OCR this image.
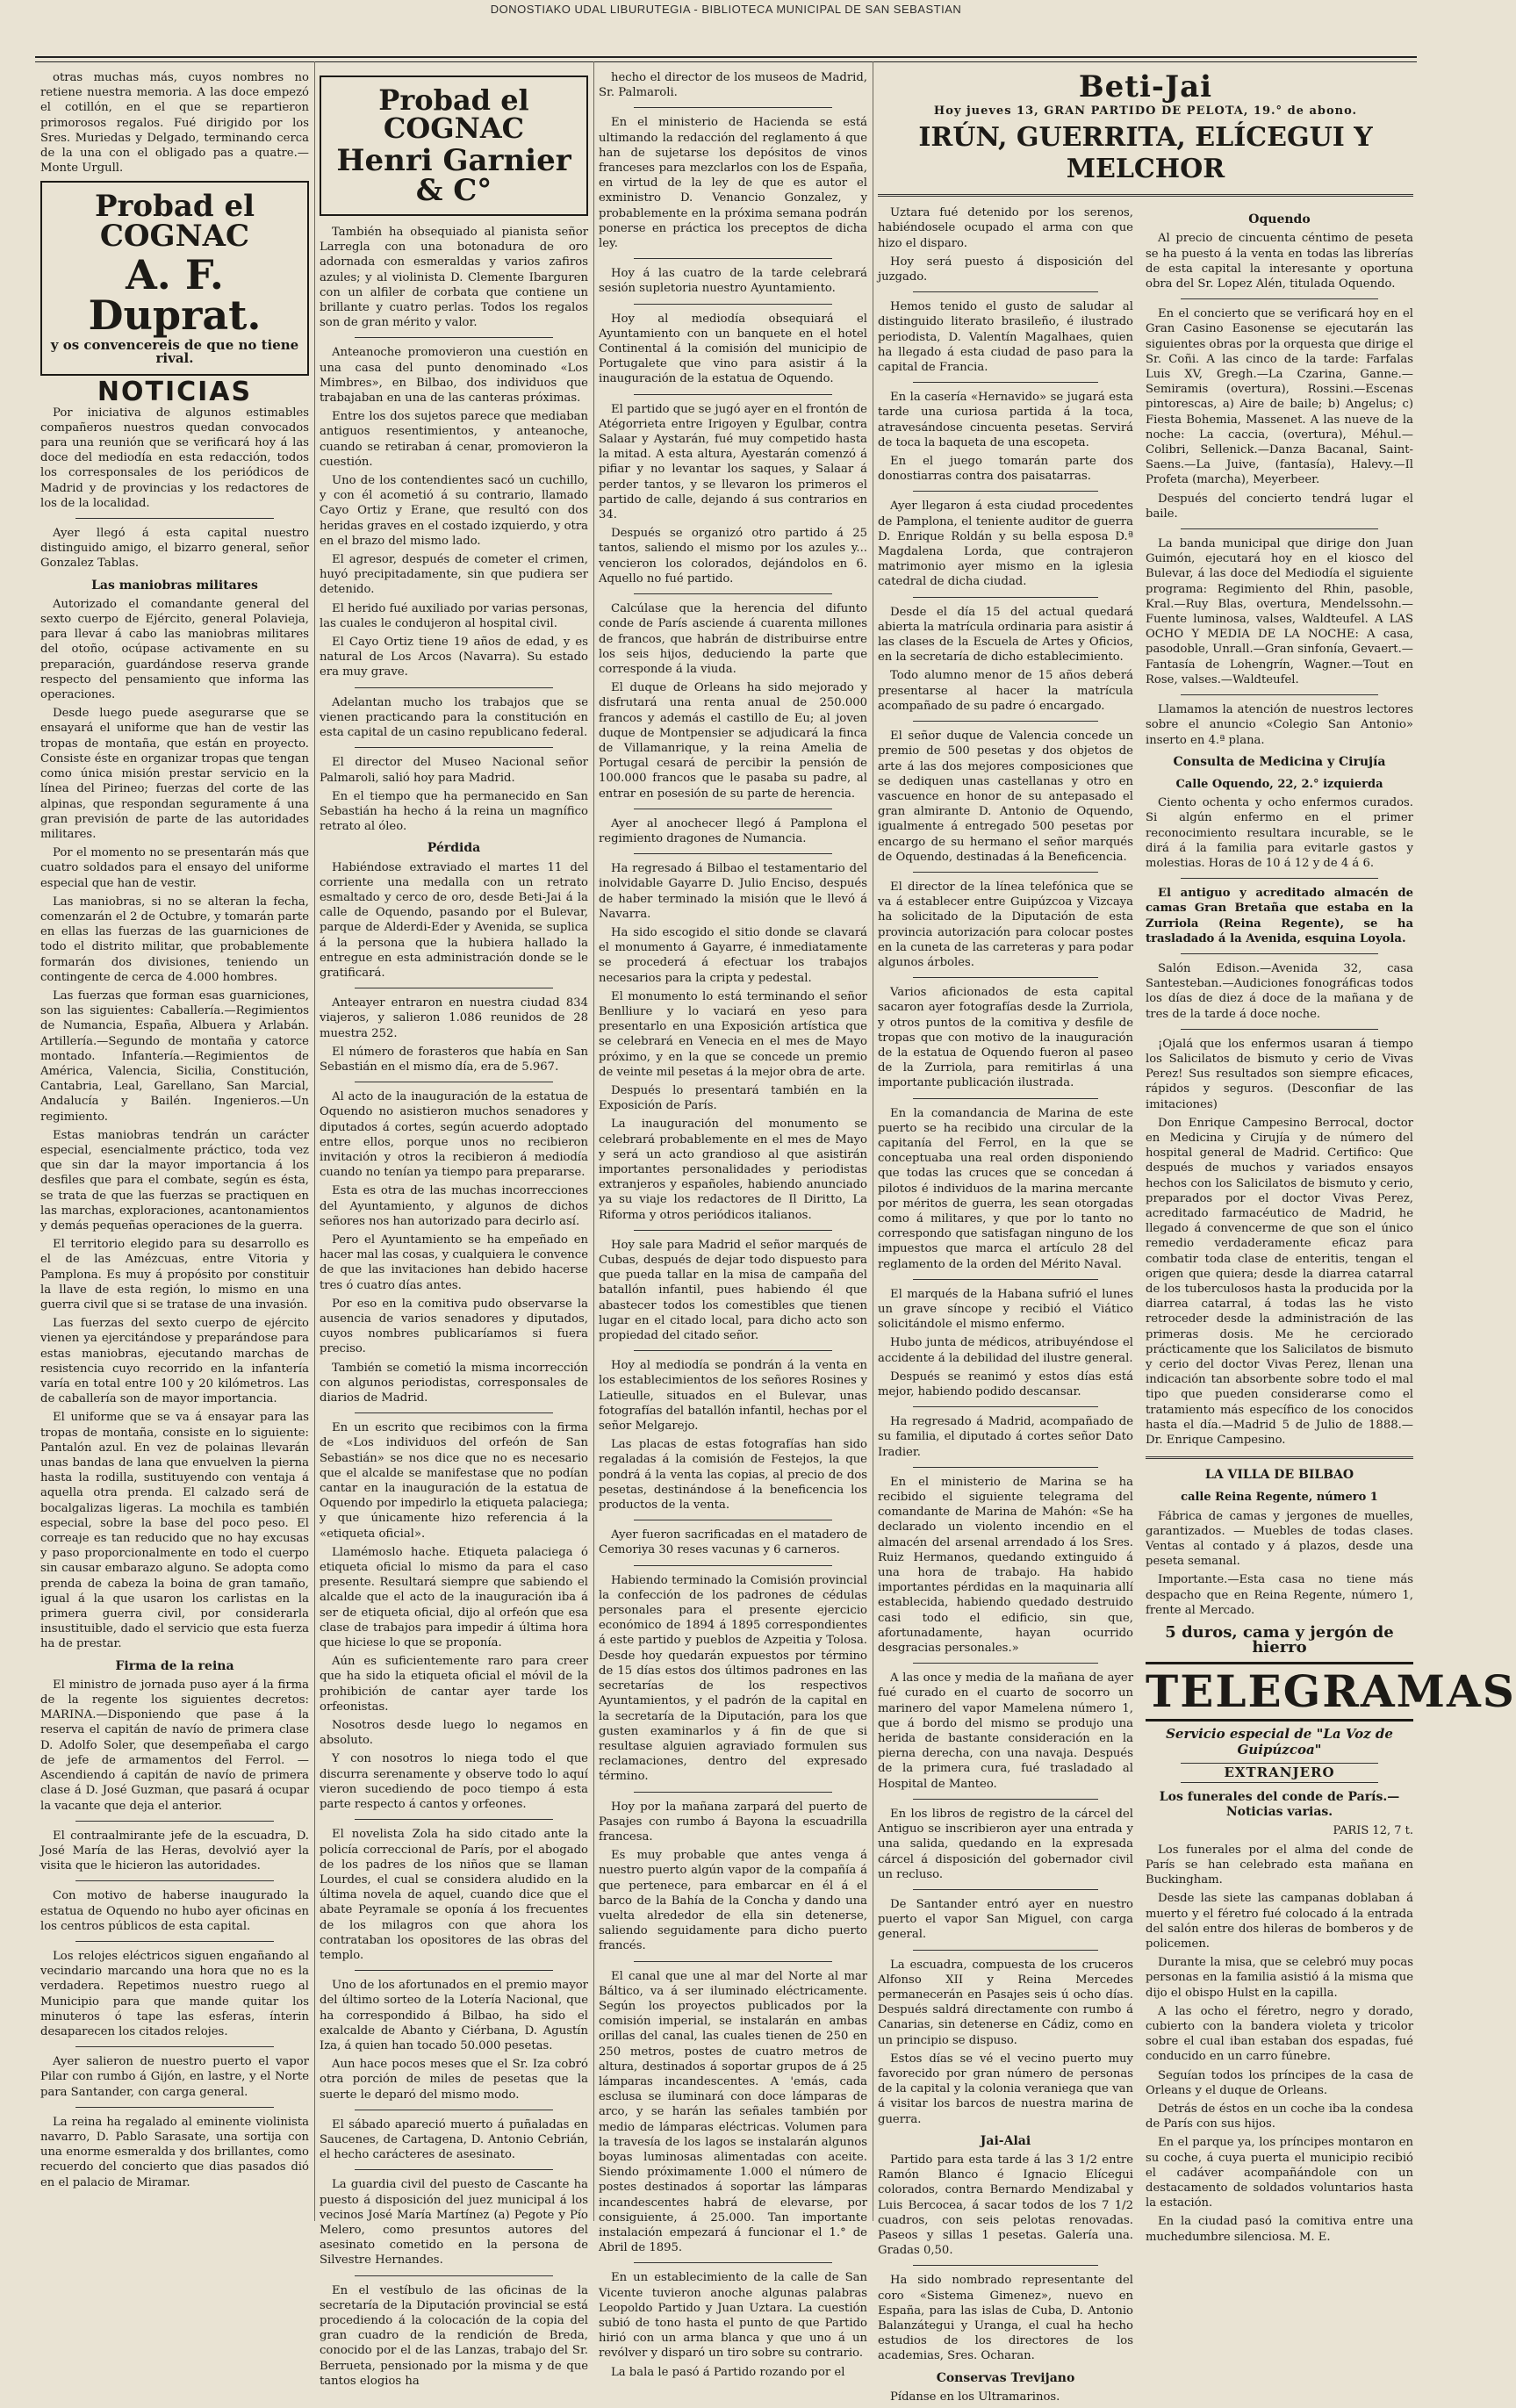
DONOSTIAKO UDAL LIBURUTEGIA - BIBLIOTECA MUNICIPAL DE SAN SEBASTIAN

otras muchas más, cuyos nombres no retiene nuestra memoria. A las doce empezó el cotillón, en el que se repartieron primorosos regalos. Fué dirigido por los Sres. Muriedas y Delgado, terminando cerca de la una con el obligado pas a quatre.—Monte Urgull.

Probad el COGNAC
A. F. Duprat.
y os convencereis de que no tiene rival.
NOTICIAS

Por iniciativa de algunos estimables compañeros nuestros quedan convocados para una reunión que se verificará hoy á las doce del mediodía en esta redacción, todos los corresponsales de los periódicos de Madrid y de provincias y los redactores de los de la localidad.

Ayer llegó á esta capital nuestro distinguido amigo, el bizarro general, señor Gonzalez Tablas.

Las maniobras militares

Autorizado el comandante general del sexto cuerpo de Ejército, general Polavieja, para llevar á cabo las maniobras militares del otoño, ocúpase activamente en su preparación, guardándose reserva grande respecto del pensamiento que informa las operaciones.

Desde luego puede asegurarse que se ensayará el uniforme que han de vestir las tropas de montaña, que están en proyecto. Consiste éste en organizar tropas que tengan como única misión prestar servicio en la línea del Pirineo; fuerzas del corte de las alpinas, que respondan seguramente á una gran previsión de parte de las autoridades militares.

Por el momento no se presentarán más que cuatro soldados para el ensayo del uniforme especial que han de vestir.

Las maniobras, si no se alteran la fecha, comenzarán el 2 de Octubre, y tomarán parte en ellas las fuerzas de las guarniciones de todo el distrito militar, que probablemente formarán dos divisiones, teniendo un contingente de cerca de 4.000 hombres.

Las fuerzas que forman esas guarniciones, son las siguientes: Caballería.—Regimientos de Numancia, España, Albuera y Arlabán. Artillería.—Segundo de montaña y catorce montado. Infantería.—Regimientos de América, Valencia, Sicilia, Constitución, Cantabria, Leal, Garellano, San Marcial, Andalucía y Bailén. Ingenieros.—Un regimiento.

Estas maniobras tendrán un carácter especial, esencialmente práctico, toda vez que sin dar la mayor importancia á los desfiles que para el combate, según es ésta, se trata de que las fuerzas se practiquen en las marchas, exploraciones, acantonamientos y demás pequeñas operaciones de la guerra.

El territorio elegido para su desarrollo es el de las Amézcuas, entre Vitoria y Pamplona. Es muy á propósito por constituir la llave de esta región, lo mismo en una guerra civil que si se tratase de una invasión.

Las fuerzas del sexto cuerpo de ejército vienen ya ejercitándose y preparándose para estas maniobras, ejecutando marchas de resistencia cuyo recorrido en la infantería varía en total entre 100 y 20 kilómetros. Las de caballería son de mayor importancia.

El uniforme que se va á ensayar para las tropas de montaña, consiste en lo siguiente: Pantalón azul. En vez de polainas llevarán unas bandas de lana que envuelven la pierna hasta la rodilla, sustituyendo con ventaja á aquella otra prenda. El calzado será de bocalgalizas ligeras. La mochila es también especial, sobre la base del poco peso. El correaje es tan reducido que no hay excusas y paso proporcionalmente en todo el cuerpo sin causar embarazo alguno. Se adopta como prenda de cabeza la boina de gran tamaño, igual á la que usaron los carlistas en la primera guerra civil, por considerarla insustituible, dado el servicio que esta fuerza ha de prestar.

Firma de la reina

El ministro de jornada puso ayer á la firma de la regente los siguientes decretos: MARINA.—Disponiendo que pase á la reserva el capitán de navío de primera clase D. Adolfo Soler, que desempeñaba el cargo de jefe de armamentos del Ferrol. —Ascendiendo á capitán de navío de primera clase á D. José Guzman, que pasará á ocupar la vacante que deja el anterior.

El contraalmirante jefe de la escuadra, D. José María de las Heras, devolvió ayer la visita que le hicieron las autoridades.

Con motivo de haberse inaugurado la estatua de Oquendo no hubo ayer oficinas en los centros públicos de esta capital.

Los relojes eléctricos siguen engañando al vecindario marcando una hora que no es la verdadera. Repetimos nuestro ruego al Municipio para que mande quitar los minuteros ó tape las esferas, ínterin desaparecen los citados relojes.

Ayer salieron de nuestro puerto el vapor Pilar con rumbo á Gijón, en lastre, y el Norte para Santander, con carga general.

La reina ha regalado al eminente violinista navarro, D. Pablo Sarasate, una sortija con una enorme esmeralda y dos brillantes, como recuerdo del concierto que dias pasados dió en el palacio de Miramar.

Probad el COGNAC
Henri Garnier & C°

También ha obsequiado al pianista señor Larregla con una botonadura de oro adornada con esmeraldas y varios zafiros azules; y al violinista D. Clemente Ibarguren con un alfiler de corbata que contiene un brillante y cuatro perlas. Todos los regalos son de gran mérito y valor.

Anteanoche promovieron una cuestión en una casa del punto denominado «Los Mimbres», en Bilbao, dos individuos que trabajaban en una de las canteras próximas.

Entre los dos sujetos parece que mediaban antiguos resentimientos, y anteanoche, cuando se retiraban á cenar, promovieron la cuestión.

Uno de los contendientes sacó un cuchillo, y con él acometió á su contrario, llamado Cayo Ortiz y Erane, que resultó con dos heridas graves en el costado izquierdo, y otra en el brazo del mismo lado.

El agresor, después de cometer el crimen, huyó precipitadamente, sin que pudiera ser detenido.

El herido fué auxiliado por varias personas, las cuales le condujeron al hospital civil.

El Cayo Ortiz tiene 19 años de edad, y es natural de Los Arcos (Navarra). Su estado era muy grave.

Adelantan mucho los trabajos que se vienen practicando para la constitución en esta capital de un casino republicano federal.

El director del Museo Nacional señor Palmaroli, salió hoy para Madrid.

En el tiempo que ha permanecido en San Sebastián ha hecho á la reina un magnífico retrato al óleo.

Pérdida

Habiéndose extraviado el martes 11 del corriente una medalla con un retrato esmaltado y cerco de oro, desde Beti-Jai á la calle de Oquendo, pasando por el Bulevar, parque de Alderdi-Eder y Avenida, se suplica á la persona que la hubiera hallado la entregue en esta administración donde se le gratificará.

Anteayer entraron en nuestra ciudad 834 viajeros, y salieron 1.086 reunidos de 28 muestra 252.

El número de forasteros que había en San Sebastián en el mismo día, era de 5.967.

Al acto de la inauguración de la estatua de Oquendo no asistieron muchos senadores y diputados á cortes, según acuerdo adoptado entre ellos, porque unos no recibieron invitación y otros la recibieron á mediodía cuando no tenían ya tiempo para prepararse.

Esta es otra de las muchas incorrecciones del Ayuntamiento, y algunos de dichos señores nos han autorizado para decirlo así.

Pero el Ayuntamiento se ha empeñado en hacer mal las cosas, y cualquiera le convence de que las invitaciones han debido hacerse tres ó cuatro días antes.

Por eso en la comitiva pudo observarse la ausencia de varios senadores y diputados, cuyos nombres publicaríamos si fuera preciso.

También se cometió la misma incorrección con algunos periodistas, corresponsales de diarios de Madrid.

En un escrito que recibimos con la firma de «Los individuos del orfeón de San Sebastián» se nos dice que no es necesario que el alcalde se manifestase que no podían cantar en la inauguración de la estatua de Oquendo por impedirlo la etiqueta palaciega; y que únicamente hizo referencia á la «etiqueta oficial».

Llamémoslo hache. Etiqueta palaciega ó etiqueta oficial lo mismo da para el caso presente. Resultará siempre que sabiendo el alcalde que el acto de la inauguración iba á ser de etiqueta oficial, dijo al orfeón que esa clase de trabajos para impedir á última hora que hiciese lo que se proponía.

Aún es suficientemente raro para creer que ha sido la etiqueta oficial el móvil de la prohibición de cantar ayer tarde los orfeonistas.

Nosotros desde luego lo negamos en absoluto.

Y con nosotros lo niega todo el que discurra serenamente y observe todo lo aquí vieron sucediendo de poco tiempo á esta parte respecto á cantos y orfeones.

El novelista Zola ha sido citado ante la policía correccional de París, por el abogado de los padres de los niños que se llaman Lourdes, el cual se considera aludido en la última novela de aquel, cuando dice que el abate Peyramale se oponía á los frecuentes de los milagros con que ahora los contrataban los opositores de las obras del templo.

Uno de los afortunados en el premio mayor del último sorteo de la Lotería Nacional, que ha correspondido á Bilbao, ha sido el exalcalde de Abanto y Ciérbana, D. Agustín Iza, á quien han tocado 50.000 pesetas.

Aun hace pocos meses que el Sr. Iza cobró otra porción de miles de pesetas que la suerte le deparó del mismo modo.

El sábado apareció muerto á puñaladas en Saucenes, de Cartagena, D. Antonio Cebrián, el hecho carácteres de asesinato.

La guardia civil del puesto de Cascante ha puesto á disposición del juez municipal á los vecinos José María Martínez (a) Pegote y Pío Melero, como presuntos autores del asesinato cometido en la persona de Silvestre Hernandes.

En el vestíbulo de las oficinas de la secretaría de la Diputación provincial se está procediendo á la colocación de la copia del gran cuadro de la rendición de Breda, conocido por el de las Lanzas, trabajo del Sr. Berrueta, pensionado por la misma y de que tantos elogios ha

hecho el director de los museos de Madrid, Sr. Palmaroli.

En el ministerio de Hacienda se está ultimando la redacción del reglamento á que han de sujetarse los depósitos de vinos franceses para mezclarlos con los de España, en virtud de la ley de que es autor el exministro D. Venancio Gonzalez, y probablemente en la próxima semana podrán ponerse en práctica los preceptos de dicha ley.

Hoy á las cuatro de la tarde celebrará sesión supletoria nuestro Ayuntamiento.

Hoy al mediodía obsequiará el Ayuntamiento con un banquete en el hotel Continental á la comisión del municipio de Portugalete que vino para asistir á la inauguración de la estatua de Oquendo.

El partido que se jugó ayer en el frontón de Atégorrieta entre Irigoyen y Egulbar, contra Salaar y Aystarán, fué muy competido hasta la mitad. A esta altura, Ayestarán comenzó á pifiar y no levantar los saques, y Salaar á perder tantos, y se llevaron los primeros el partido de calle, dejando á sus contrarios en 34.

Después se organizó otro partido á 25 tantos, saliendo el mismo por los azules y... vencieron los colorados, dejándolos en 6. Aquello no fué partido.

Calcúlase que la herencia del difunto conde de París asciende á cuarenta millones de francos, que habrán de distribuirse entre los seis hijos, deduciendo la parte que corresponde á la viuda.

El duque de Orleans ha sido mejorado y disfrutará una renta anual de 250.000 francos y además el castillo de Eu; al joven duque de Montpensier se adjudicará la finca de Villamanrique, y la reina Amelia de Portugal cesará de percibir la pensión de 100.000 francos que le pasaba su padre, al entrar en posesión de su parte de herencia.

Ayer al anochecer llegó á Pamplona el regimiento dragones de Numancia.

Ha regresado á Bilbao el testamentario del inolvidable Gayarre D. Julio Enciso, después de haber terminado la misión que le llevó á Navarra.

Ha sido escogido el sitio donde se clavará el monumento á Gayarre, é inmediatamente se procederá á efectuar los trabajos necesarios para la cripta y pedestal.

El monumento lo está terminando el señor Benlliure y lo vaciará en yeso para presentarlo en una Exposición artística que se celebrará en Venecia en el mes de Mayo próximo, y en la que se concede un premio de veinte mil pesetas á la mejor obra de arte.

Después lo presentará también en la Exposición de París.

La inauguración del monumento se celebrará probablemente en el mes de Mayo y será un acto grandioso al que asistirán importantes personalidades y periodistas extranjeros y españoles, habiendo anunciado ya su viaje los redactores de Il Diritto, La Riforma y otros periódicos italianos.

Hoy sale para Madrid el señor marqués de Cubas, después de dejar todo dispuesto para que pueda tallar en la misa de campaña del batallón infantil, pues habiendo él que abastecer todos los comestibles que tienen lugar en el citado local, para dicho acto son propiedad del citado señor.

Hoy al mediodía se pondrán á la venta en los establecimientos de los señores Rosines y Latieulle, situados en el Bulevar, unas fotografías del batallón infantil, hechas por el señor Melgarejo.

Las placas de estas fotografías han sido regaladas á la comisión de Festejos, la que pondrá á la venta las copias, al precio de dos pesetas, destinándose á la beneficencia los productos de la venta.

Ayer fueron sacrificadas en el matadero de Cemoriya 30 reses vacunas y 6 carneros.

Habiendo terminado la Comisión provincial la confección de los padrones de cédulas personales para el presente ejercicio económico de 1894 á 1895 correspondientes á este partido y pueblos de Azpeitia y Tolosa. Desde hoy quedarán expuestos por término de 15 días estos dos últimos padrones en las secretarías de los respectivos Ayuntamientos, y el padrón de la capital en la secretaría de la Diputación, para los que gusten examinarlos y á fin de que si resultase alguien agraviado formulen sus reclamaciones, dentro del expresado término.

Hoy por la mañana zarpará del puerto de Pasajes con rumbo á Bayona la escuadrilla francesa.

Es muy probable que antes venga á nuestro puerto algún vapor de la compañía á que pertenece, para embarcar en él á el barco de la Bahía de la Concha y dando una vuelta alrededor de ella sin detenerse, saliendo seguidamente para dicho puerto francés.

El canal que une al mar del Norte al mar Báltico, va á ser iluminado eléctricamente. Según los proyectos publicados por la comisión imperial, se instalarán en ambas orillas del canal, las cuales tienen de 250 en 250 metros, postes de cuatro metros de altura, destinados á soportar grupos de á 25 lámparas incandescentes. A 'emás, cada esclusa se iluminará con doce lámparas de arco, y se harán las señales también por medio de lámparas eléctricas. Volumen para la travesía de los lagos se instalarán algunos boyas luminosas alimentadas con aceite. Siendo próximamente 1.000 el número de postes destinados á soportar las lámparas incandescentes habrá de elevarse, por consiguiente, á 25.000. Tan importante instalación empezará á funcionar el 1.° de Abril de 1895.

En un establecimiento de la calle de San Vicente tuvieron anoche algunas palabras Leopoldo Partido y Juan Uztara. La cuestión subió de tono hasta el punto de que Partido hirió con un arma blanca y que uno á un revólver y disparó un tiro sobre su contrario.

La bala le pasó á Partido rozando por el

Beti-Jai
Hoy jueves 13, GRAN PARTIDO DE PELOTA, 19.° de abono.
IRÚN, GUERRITA, ELÍCEGUI Y MELCHOR

Uztara fué detenido por los serenos, habiéndosele ocupado el arma con que hizo el disparo.

Hoy será puesto á disposición del juzgado.

Hemos tenido el gusto de saludar al distinguido literato brasileño, é ilustrado periodista, D. Valentín Magalhaes, quien ha llegado á esta ciudad de paso para la capital de Francia.

En la casería «Hernavido» se jugará esta tarde una curiosa partida á la toca, atravesándose cincuenta pesetas. Servirá de toca la baqueta de una escopeta.

En el juego tomarán parte dos donostiarras contra dos paisatarras.

Ayer llegaron á esta ciudad procedentes de Pamplona, el teniente auditor de guerra D. Enrique Roldán y su bella esposa D.ª Magdalena Lorda, que contrajeron matrimonio ayer mismo en la iglesia catedral de dicha ciudad.

Desde el día 15 del actual quedará abierta la matrícula ordinaria para asistir á las clases de la Escuela de Artes y Oficios, en la secretaría de dicho establecimiento.

Todo alumno menor de 15 años deberá presentarse al hacer la matrícula acompañado de su padre ó encargado.

El señor duque de Valencia concede un premio de 500 pesetas y dos objetos de arte á las dos mejores composiciones que se dediquen unas castellanas y otro en vascuence en honor de su antepasado el gran almirante D. Antonio de Oquendo, igualmente á entregado 500 pesetas por encargo de su hermano el señor marqués de Oquendo, destinadas á la Beneficencia.

El director de la línea telefónica que se va á establecer entre Guipúzcoa y Vizcaya ha solicitado de la Diputación de esta provincia autorización para colocar postes en la cuneta de las carreteras y para podar algunos árboles.

Varios aficionados de esta capital sacaron ayer fotografías desde la Zurriola, y otros puntos de la comitiva y desfile de tropas que con motivo de la inauguración de la estatua de Oquendo fueron al paseo de la Zurriola, para remitirlas á una importante publicación ilustrada.

En la comandancia de Marina de este puerto se ha recibido una circular de la capitanía del Ferrol, en la que se conceptuaba una real orden disponiendo que todas las cruces que se concedan á pilotos é individuos de la marina mercante por méritos de guerra, les sean otorgadas como á militares, y que por lo tanto no correspondo que satisfagan ninguno de los impuestos que marca el artículo 28 del reglamento de la orden del Mérito Naval.

El marqués de la Habana sufrió el lunes un grave síncope y recibió el Viático solicitándole el mismo enfermo.

Hubo junta de médicos, atribuyéndose el accidente á la debilidad del ilustre general.

Después se reanimó y estos días está mejor, habiendo podido descansar.

Ha regresado á Madrid, acompañado de su familia, el diputado á cortes señor Dato Iradier.

En el ministerio de Marina se ha recibido el siguiente telegrama del comandante de Marina de Mahón: «Se ha declarado un violento incendio en el almacén del arsenal arrendado á los Sres. Ruiz Hermanos, quedando extinguido á una hora de trabajo. Ha habido importantes pérdidas en la maquinaria allí establecida, habiendo quedado destruido casi todo el edificio, sin que, afortunadamente, hayan ocurrido desgracias personales.»

A las once y media de la mañana de ayer fué curado en el cuarto de socorro un marinero del vapor Mamelena número 1, que á bordo del mismo se produjo una herida de bastante consideración en la pierna derecha, con una navaja. Después de la primera cura, fué trasladado al Hospital de Manteo.

En los libros de registro de la cárcel del Antiguo se inscribieron ayer una entrada y una salida, quedando en la expresada cárcel á disposición del gobernador civil un recluso.

De Santander entró ayer en nuestro puerto el vapor San Miguel, con carga general.

La escuadra, compuesta de los cruceros Alfonso XII y Reina Mercedes permanecerán en Pasajes seis ú ocho días. Después saldrá directamente con rumbo á Canarias, sin detenerse en Cádiz, como en un principio se dispuso.

Estos días se vé el vecino puerto muy favorecido por gran número de personas de la capital y la colonia veraniega que van á visitar los barcos de nuestra marina de guerra.

Jai-Alai

Partido para esta tarde á las 3 1/2 entre Ramón Blanco é Ignacio Elícegui colorados, contra Bernardo Mendizabal y Luis Bercocea, á sacar todos de los 7 1/2 cuadros, con seis pelotas renovadas. Paseos y sillas 1 pesetas. Galería una. Gradas 0,50.

Ha sido nombrado representante del coro «Sistema Gimenez», nuevo en España, para las islas de Cuba, D. Antonio Balanzátegui y Uranga, el cual ha hecho estudios de los directores de los academias, Sres. Ocharan.

Conservas Trevijano

Pídanse en los Ultramarinos.

Oquendo

Al precio de cincuenta céntimo de peseta se ha puesto á la venta en todas las librerías de esta capital la interesante y oportuna obra del Sr. Lopez Alén, titulada Oquendo.

En el concierto que se verificará hoy en el Gran Casino Easonense se ejecutarán las siguientes obras por la orquesta que dirige el Sr. Coñi. A las cinco de la tarde: Farfalas Luis XV, Gregh.—La Czarina, Ganne.—Semiramis (overtura), Rossini.—Escenas pintorescas, a) Aire de baile; b) Angelus; c) Fiesta Bohemia, Massenet. A las nueve de la noche: La caccia, (overtura), Méhul.—Colibri, Sellenick.—Danza Bacanal, Saint-Saens.—La Juive, (fantasía), Halevy.—Il Profeta (marcha), Meyerbeer.

Después del concierto tendrá lugar el baile.

La banda municipal que dirige don Juan Guimón, ejecutará hoy en el kiosco del Bulevar, á las doce del Mediodía el siguiente programa: Regimiento del Rhin, pasoble, Kral.—Ruy Blas, overtura, Mendelssohn.—Fuente luminosa, valses, Waldteufel. A LAS OCHO Y MEDIA DE LA NOCHE: A casa, pasodoble, Unrall.—Gran sinfonía, Gevaert.—Fantasía de Lohengrín, Wagner.—Tout en Rose, valses.—Waldteufel.

Llamamos la atención de nuestros lectores sobre el anuncio «Colegio San Antonio» inserto en 4.ª plana.

Consulta de Medicina y Cirujía
Calle Oquendo, 22, 2.° izquierda

Ciento ochenta y ocho enfermos curados. Si algún enfermo en el primer reconocimiento resultara incurable, se le dirá á la familia para evitarle gastos y molestias. Horas de 10 á 12 y de 4 á 6.

El antiguo y acreditado almacén de camas Gran Bretaña que estaba en la Zurriola (Reina Regente), se ha trasladado á la Avenida, esquina Loyola.

Salón Edison.—Avenida 32, casa Santesteban.—Audiciones fonográficas todos los días de diez á doce de la mañana y de tres de la tarde á doce noche.

¡Ojalá que los enfermos usaran á tiempo los Salicilatos de bismuto y cerio de Vivas Perez! Sus resultados son siempre eficaces, rápidos y seguros. (Desconfiar de las imitaciones)

Don Enrique Campesino Berrocal, doctor en Medicina y Cirujía y de número del hospital general de Madrid. Certifico: Que después de muchos y variados ensayos hechos con los Salicilatos de bismuto y cerio, preparados por el doctor Vivas Perez, acreditado farmacéutico de Madrid, he llegado á convencerme de que son el único remedio verdaderamente eficaz para combatir toda clase de enteritis, tengan el origen que quiera; desde la diarrea catarral de los tuberculosos hasta la producida por la diarrea catarral, á todas las he visto retroceder desde la administración de las primeras dosis. Me he cerciorado prácticamente que los Salicilatos de bismuto y cerio del doctor Vivas Perez, llenan una indicación tan absorbente sobre todo el mal tipo que pueden considerarse como el tratamiento más específico de los conocidos hasta el día.—Madrid 5 de Julio de 1888.—Dr. Enrique Campesino.

LA VILLA DE BILBAO
calle Reina Regente, número 1

Fábrica de camas y jergones de muelles, garantizados. — Muebles de todas clases. Ventas al contado y á plazos, desde una peseta semanal.

Importante.—Esta casa no tiene más despacho que en Reina Regente, número 1, frente al Mercado.

5 duros, cama y jergón de hierro
TELEGRAMAS
Servicio especial de "La Voz de Guipúzcoa"
EXTRANJERO
Los funerales del conde de París.—Noticias varias.
PARIS 12, 7 t.

Los funerales por el alma del conde de París se han celebrado esta mañana en Buckingham.

Desde las siete las campanas doblaban á muerto y el féretro fué colocado á la entrada del salón entre dos hileras de bomberos y de policemen.

Durante la misa, que se celebró muy pocas personas en la familia asistió á la misma que dijo el obispo Hulst en la capilla.

A las ocho el féretro, negro y dorado, cubierto con la bandera violeta y tricolor sobre el cual iban estaban dos espadas, fué conducido en un carro fúnebre.

Seguían todos los príncipes de la casa de Orleans y el duque de Orleans.

Detrás de éstos en un coche iba la condesa de París con sus hijos.

En el parque ya, los príncipes montaron en su coche, á cuya puerta el municipio recibió el cadáver acompañándole con un destacamento de soldados voluntarios hasta la estación.

En la ciudad pasó la comitiva entre una muchedumbre silenciosa. M. E.
